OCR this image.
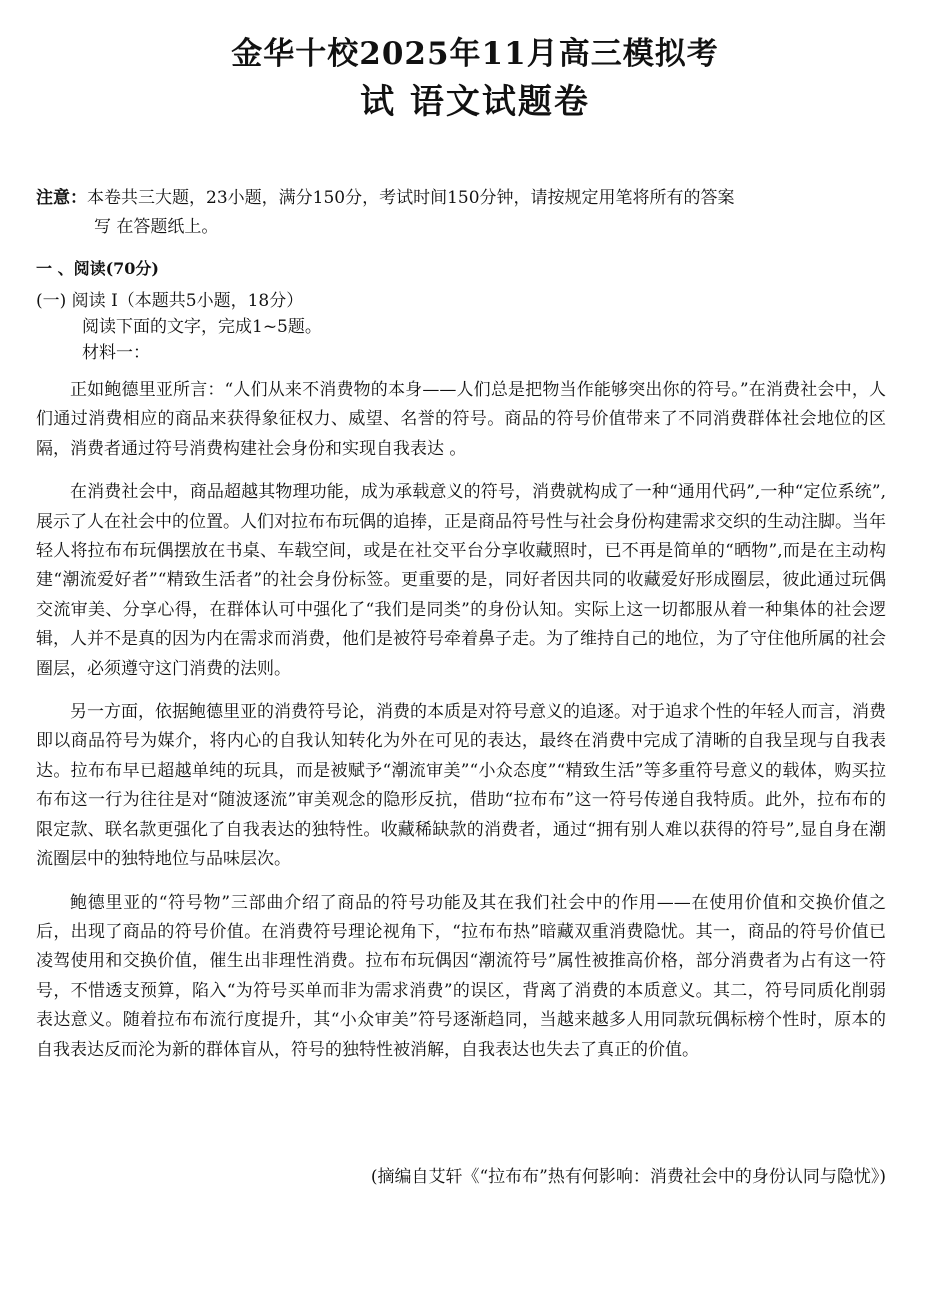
金华十校2025年11月高三模拟考
试 语文试题卷
注意：本卷共三大题，23小题，满分150分，考试时间150分钟，请按规定用笔将所有的答案
写 在答题纸上。
一 、阅读(70分)
(一) 阅读 I（本题共5小题，18分）
阅读下面的文字，完成1~5题。
材料一：

正如鲍德里亚所言：“人们从来不消费物的本身——人们总是把物当作能够突出你的符号。”在消费社会中，人们通过消费相应的商品来获得象征权力、威望、名誉的符号。商品的符号价值带来了不同消费群体社会地位的区隔，消费者通过符号消费构建社会身份和实现自我表达 。

在消费社会中，商品超越其物理功能，成为承载意义的符号，消费就构成了一种“通用代码”,一种“定位系统”,展示了人在社会中的位置。人们对拉布布玩偶的追捧，正是商品符号性与社会身份构建需求交织的生动注脚。当年轻人将拉布布玩偶摆放在书桌、车载空间，或是在社交平台分享收藏照时，已不再是简单的“晒物”,而是在主动构建“潮流爱好者”“精致生活者”的社会身份标签。更重要的是，同好者因共同的收藏爱好形成圈层，彼此通过玩偶交流审美、分享心得，在群体认可中强化了“我们是同类”的身份认知。实际上这一切都服从着一种集体的社会逻辑，人并不是真的因为内在需求而消费，他们是被符号牵着鼻子走。为了维持自己的地位，为了守住他所属的社会圈层，必须遵守这门消费的法则。

另一方面，依据鲍德里亚的消费符号论，消费的本质是对符号意义的追逐。对于追求个性的年轻人而言，消费即以商品符号为媒介，将内心的自我认知转化为外在可见的表达，最终在消费中完成了清晰的自我呈现与自我表达。拉布布早已超越单纯的玩具，而是被赋予“潮流审美”“小众态度”“精致生活”等多重符号意义的载体，购买拉布布这一行为往往是对“随波逐流”审美观念的隐形反抗，借助“拉布布”这一符号传递自我特质。此外，拉布布的限定款、联名款更强化了自我表达的独特性。收藏稀缺款的消费者，通过“拥有别人难以获得的符号”,显自身在潮流圈层中的独特地位与品味层次。

鲍德里亚的“符号物”三部曲介绍了商品的符号功能及其在我们社会中的作用——在使用价值和交换价值之后，出现了商品的符号价值。在消费符号理论视角下，“拉布布热”暗藏双重消费隐忧。其一，商品的符号价值已凌驾使用和交换价值，催生出非理性消费。拉布布玩偶因“潮流符号”属性被推高价格，部分消费者为占有这一符号，不惜透支预算，陷入“为符号买单而非为需求消费”的误区，背离了消费的本质意义。其二，符号同质化削弱表达意义。随着拉布布流行度提升，其“小众审美”符号逐渐趋同，当越来越多人用同款玩偶标榜个性时，原本的自我表达反而沦为新的群体盲从，符号的独特性被消解，自我表达也失去了真正的价值。

(摘编自艾轩《“拉布布”热有何影响：消费社会中的身份认同与隐忧》)
